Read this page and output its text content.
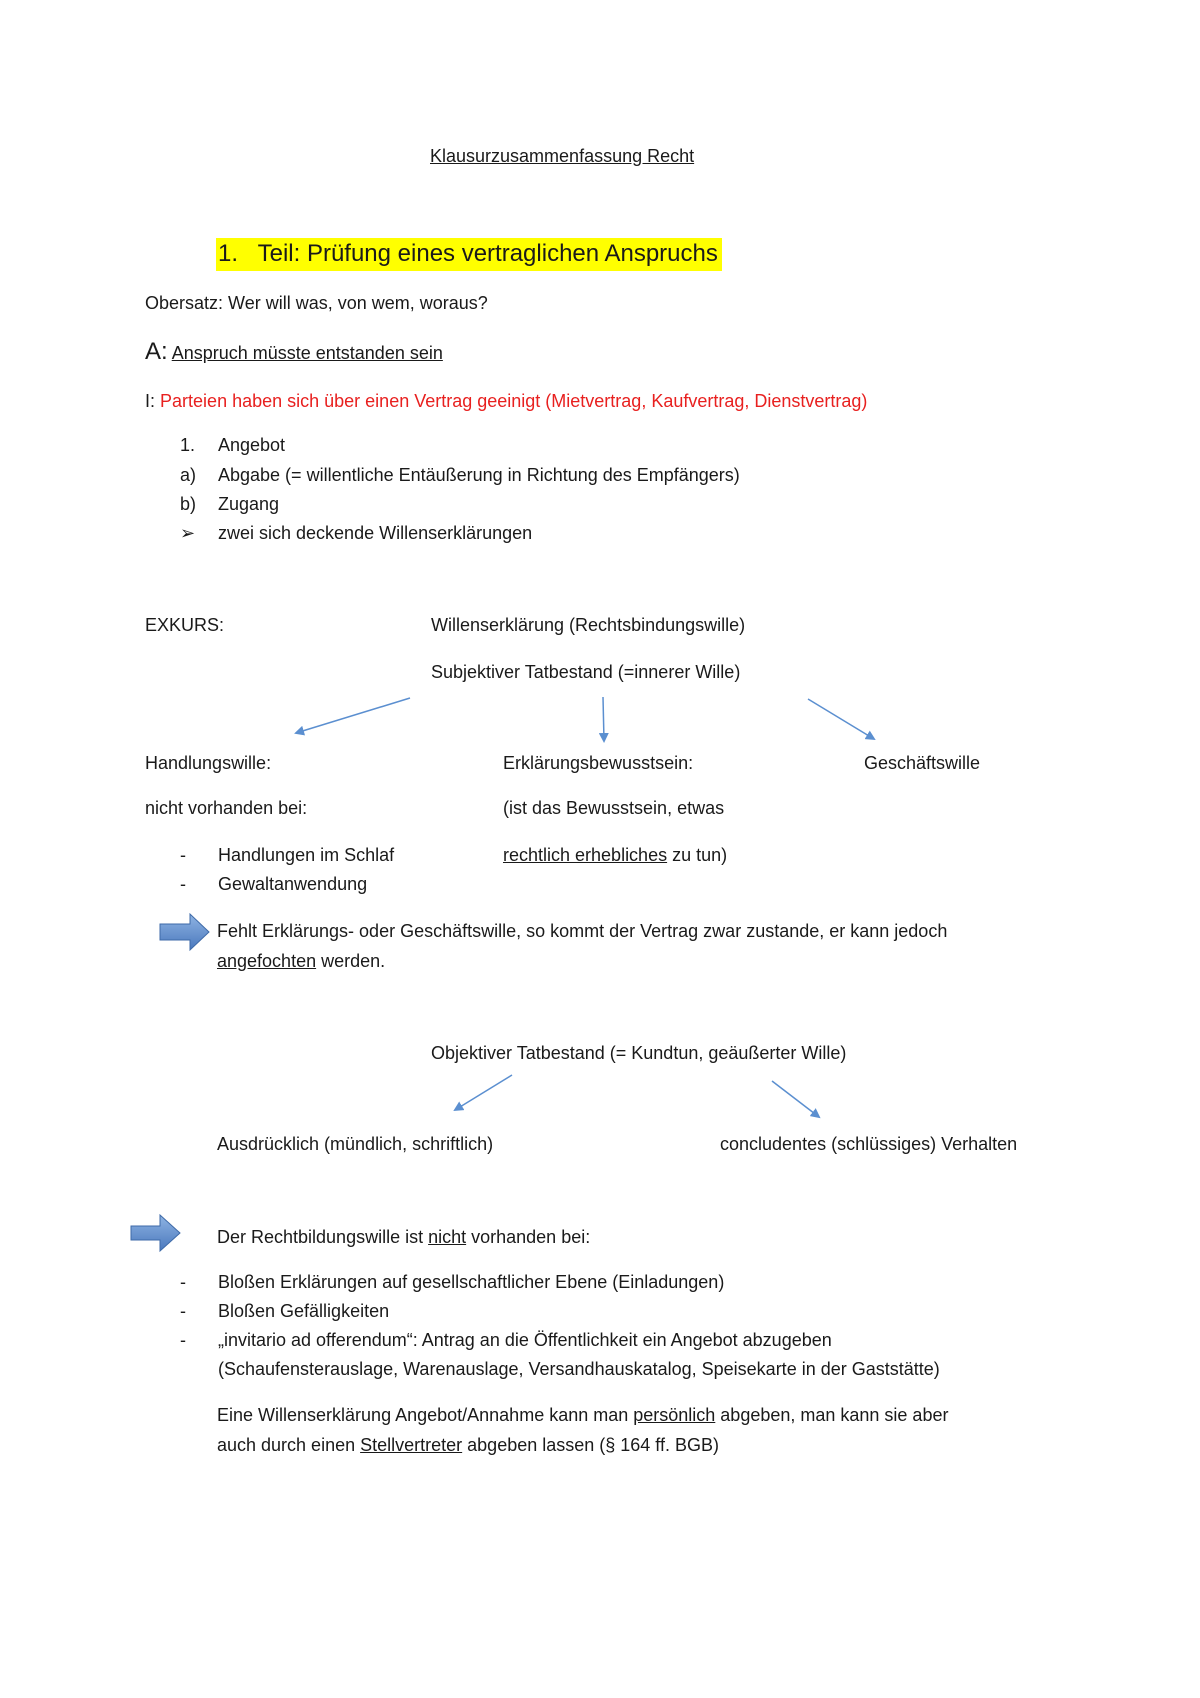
Klausurzusammenfassung Recht
1. Teil: Prüfung eines vertraglichen Anspruchs
Obersatz: Wer will was, von wem, woraus?
A: Anspruch müsste entstanden sein
I: Parteien haben sich über einen Vertrag geeinigt (Mietvertrag, Kaufvertrag, Dienstvertrag)
1. Angebot
a) Abgabe (= willentliche Entäußerung in Richtung des Empfängers)
b) Zugang
➢ zwei sich deckende Willenserklärungen
EXKURS:	Willenserklärung (Rechtsbindungswille)
Subjektiver Tatbestand (=innerer Wille)
Handlungswille:
nicht vorhanden bei:
- Handlungen im Schlaf
- Gewaltanwendung
Erklärungsbewusstsein:
(ist das Bewusstsein, etwas
rechtlich erhebliches zu tun)
Geschäftswille
Fehlt Erklärungs- oder Geschäftswille, so kommt der Vertrag zwar zustande, er kann jedoch
angefochten werden.
Objektiver Tatbestand (= Kundtun, geäußerter Wille)
Ausdrücklich (mündlich, schriftlich)	concludentes (schlüssiges) Verhalten
Der Rechtbildungswille ist nicht vorhanden bei:
- Bloßen Erklärungen auf gesellschaftlicher Ebene (Einladungen)
- Bloßen Gefälligkeiten
- „invitario ad offerendum“: Antrag an die Öffentlichkeit ein Angebot abzugeben
(Schaufensterauslage, Warenauslage, Versandhauskatalog, Speisekarte in der Gaststätte)
Eine Willenserklärung Angebot/Annahme kann man persönlich abgeben, man kann sie aber
auch durch einen Stellvertreter abgeben lassen (§ 164 ff. BGB)
